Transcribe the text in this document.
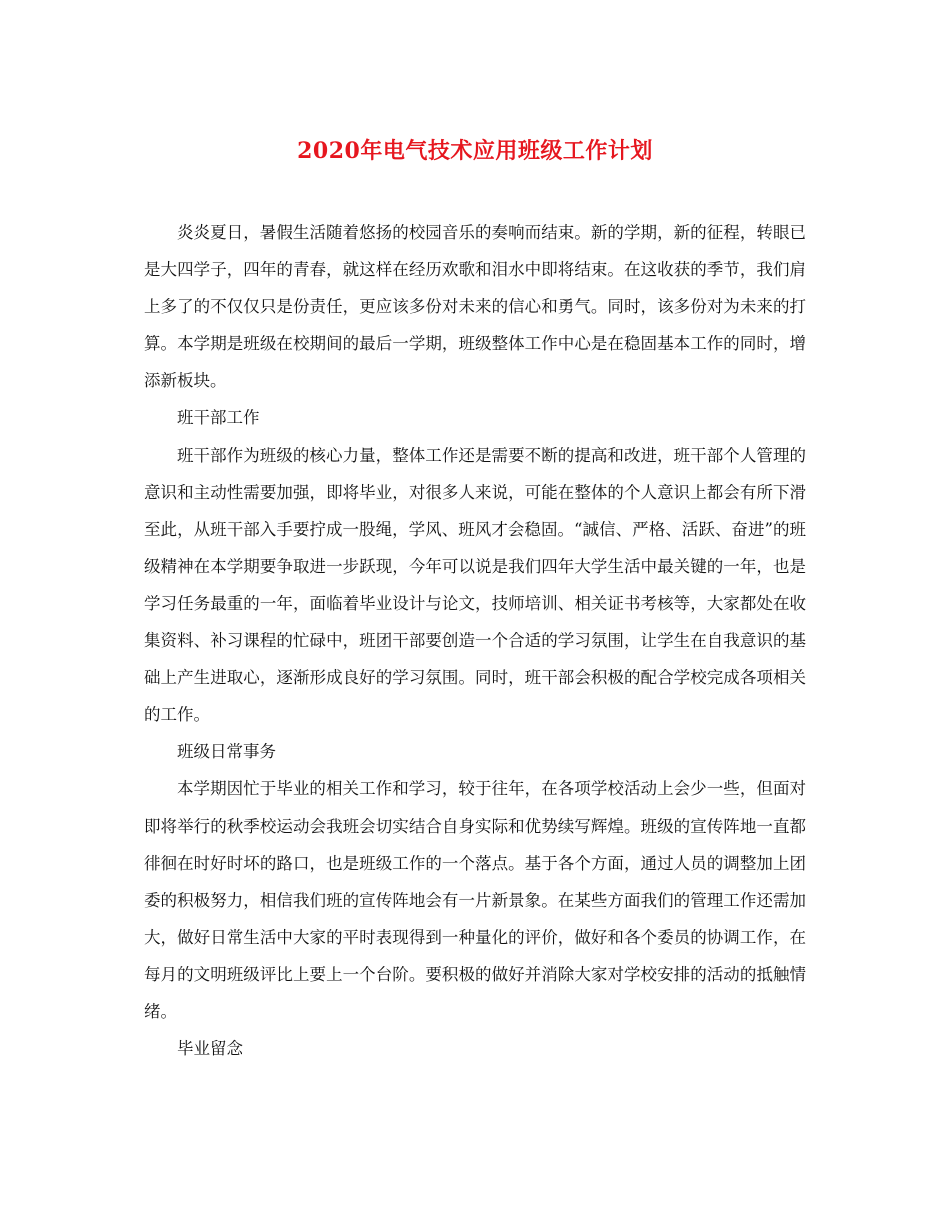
2020年电气技术应用班级工作计划

炎炎夏日，暑假生活随着悠扬的校园音乐的奏响而结束。新的学期，新的征程，转眼已是大四学子，四年的青春，就这样在经历欢歌和泪水中即将结束。在这收获的季节，我们肩上多了的不仅仅只是份责任，更应该多份对未来的信心和勇气。同时，该多份对为未来的打算。本学期是班级在校期间的最后一学期，班级整体工作中心是在稳固基本工作的同时，增添新板块。

班干部工作

班干部作为班级的核心力量，整体工作还是需要不断的提高和改进，班干部个人管理的意识和主动性需要加强，即将毕业，对很多人来说，可能在整体的个人意识上都会有所下滑至此，从班干部入手要拧成一股绳，学风、班风才会稳固。“誠信、严格、活跃、奋进”的班级精神在本学期要争取进一步跃现，今年可以说是我们四年大学生活中最关键的一年，也是学习任务最重的一年，面临着毕业设计与论文，技师培训、相关证书考核等，大家都处在收集资料、补习课程的忙碌中，班团干部要创造一个合适的学习氛围，让学生在自我意识的基础上产生进取心，逐渐形成良好的学习氛围。同时，班干部会积极的配合学校完成各项相关的工作。

班级日常事务

本学期因忙于毕业的相关工作和学习，较于往年，在各项学校活动上会少一些，但面对即将举行的秋季校运动会我班会切实结合自身实际和优势续写辉煌。班级的宣传阵地一直都徘徊在时好时坏的路口，也是班级工作的一个落点。基于各个方面，通过人员的调整加上团委的积极努力，相信我们班的宣传阵地会有一片新景象。在某些方面我们的管理工作还需加大，做好日常生活中大家的平时表现得到一种量化的评价，做好和各个委员的协调工作，在每月的文明班级评比上要上一个台阶。要积极的做好并消除大家对学校安排的活动的抵触情绪。

毕业留念
